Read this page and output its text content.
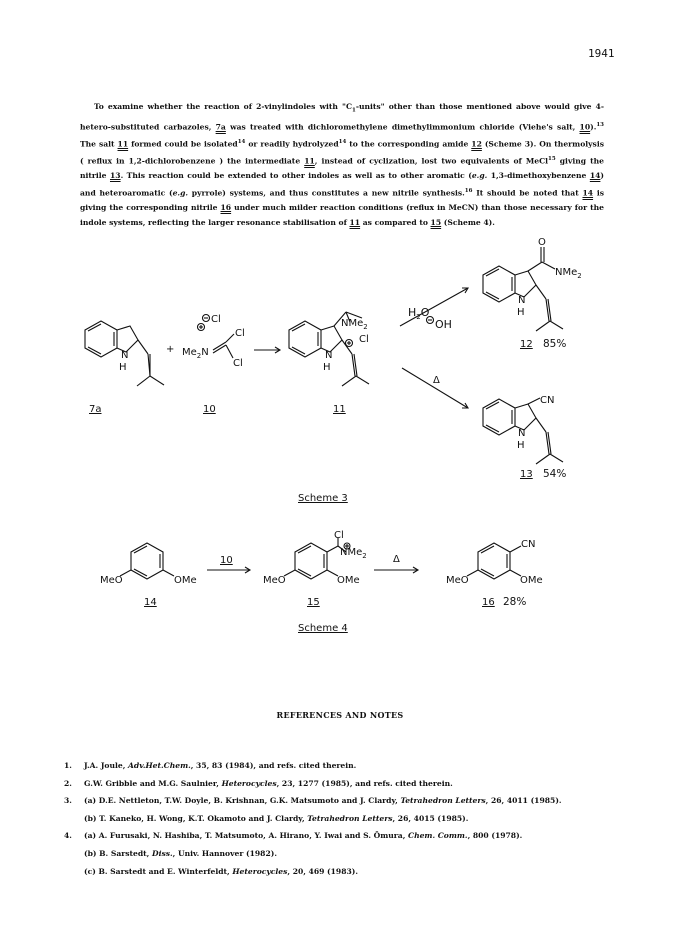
1941

To examine whether the reaction of 2-vinylindoles with "$C_1$-units" other than those mentioned above would give 4-hetero-substituted carbazoles, 7a was treated with dichloromethylene dimethylimmonium chloride (Viehe's salt, 10).$^{13}$ The salt 11 formed could be isolated$^{14}$ or readily hydrolyzed$^{14}$ to the corresponding amide 12 (Scheme 3). On thermolysis ( reflux in 1,2-dichlorobenzene ) the intermediate 11, instead of cyclization, lost two equivalents of MeCl$^{15}$ giving the nitrile 13. This reaction could be extended to other indoles as well as to other aromatic (e.g. 1,3-dimethoxybenzene 14) and heteroaromatic (e.g. pyrrole) systems, and thus constitutes a new nitrile synthesis.$^{16}$ It should be noted that 14 is giving the corresponding nitrile 16 under much milder reaction conditions (reflux in MeCN) than those necessary for the indole systems, reflecting the larger resonance stabilisation of 11 as compared to 15 (Scheme 4).

N
H
7a
+
Cl
$Me_2N$
Cl
Cl
10
NMe$_2$
Cl
N
H
11
$H_2O$
OH
Δ
O
NMe$_2$
N
H
12 85%
CN
N
H
13 54%
Scheme 3
MeO	OMe
14
10
Cl
NMe$_2$
MeO	OMe
15
Δ
CN
MeO	OMe
16 28%
Scheme 4
REFERENCES AND NOTES
1.	J.A. Joule, Adv.Het.Chem., 35, 83 (1984), and refs. cited therein.
2.	G.W. Gribble and M.G. Saulnier, Heterocycles, 23, 1277 (1985), and refs. cited therein.
3.	(a) D.E. Nettleton, T.W. Doyle, B. Krishnan, G.K. Matsumoto and J. Clardy, Tetrahedron Letters, 26, 4011 (1985).
(b) T. Kaneko, H. Wong, K.T. Okamoto and J. Clardy, Tetrahedron Letters, 26, 4015 (1985).
4.	(a) A. Furusaki, N. Hashiba, T. Matsumoto, A. Hirano, Y. Iwai and S. Ōmura, Chem. Comm., 800 (1978).
(b) B. Sarstedt, Diss., Univ. Hannover (1982).
(c) B. Sarstedt and E. Winterfeldt, Heterocycles, 20, 469 (1983).
